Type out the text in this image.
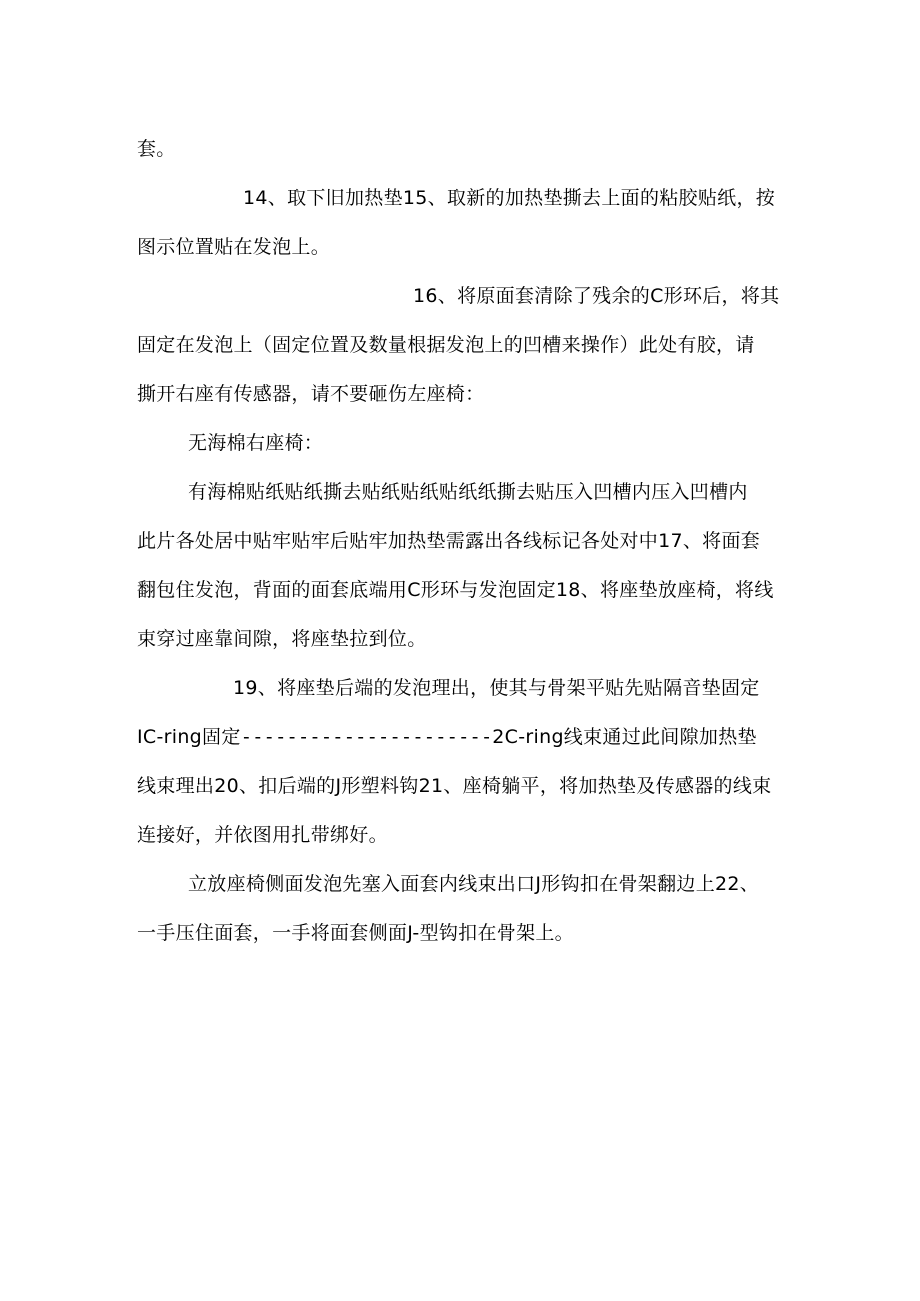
套。
14、取下旧加热垫15、取新的加热垫撕去上面的粘胶贴纸，按
图示位置贴在发泡上。
16、将原面套清除了残余的C形环后，将其
固定在发泡上（固定位置及数量根据发泡上的凹槽来操作）此处有胶，请
撕开右座有传感器，请不要砸伤左座椅：
无海棉右座椅：
有海棉贴纸贴纸撕去贴纸贴纸贴纸纸撕去贴压入凹槽内压入凹槽内
此片各处居中贴牢贴牢后贴牢加热垫需露出各线标记各处对中17、将面套
翻包住发泡，背面的面套底端用C形环与发泡固定18、将座垫放座椅，将线
束穿过座靠间隙，将座垫拉到位。
19、将座垫后端的发泡理出，使其与骨架平贴先贴隔音垫固定
IC-ring固定----------------------2C-ring线束通过此间隙加热垫
线束理出20、扣后端的J形塑料钩21、座椅躺平，将加热垫及传感器的线束
连接好，并依图用扎带绑好。
立放座椅侧面发泡先塞入面套内线束出口J形钩扣在骨架翻边上22、
一手压住面套，一手将面套侧面J-型钩扣在骨架上。
